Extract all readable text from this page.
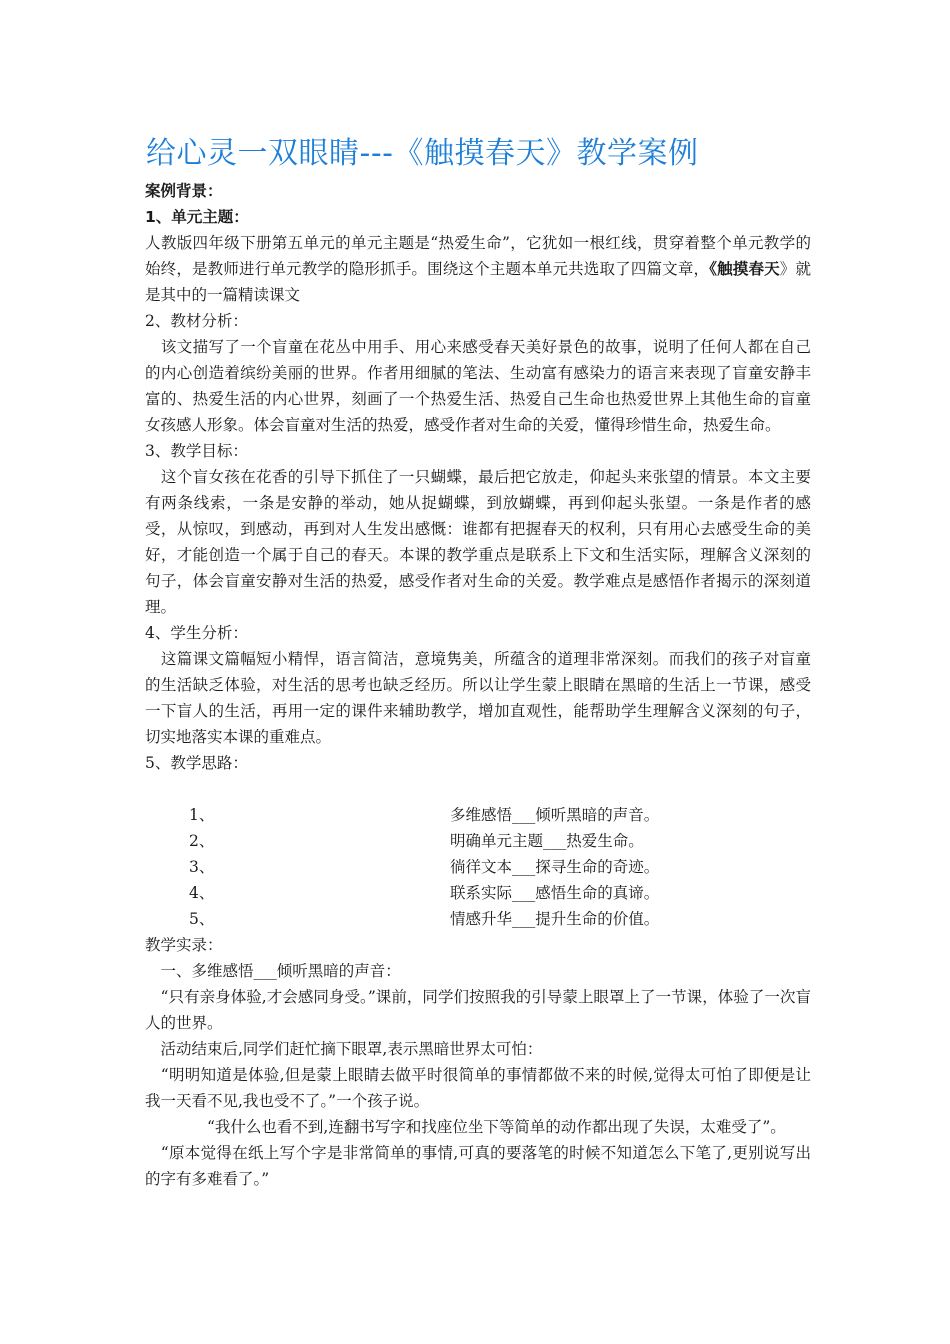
给心灵一双眼睛---《触摸春天》教学案例

案例背景：

1、单元主题：

人教版四年级下册第五单元的单元主题是“热爱生命”，它犹如一根红线，贯穿着整个单元教学的始终，是教师进行单元教学的隐形抓手。围绕这个主题本单元共选取了四篇文章，《触摸春天》就是其中的一篇精读课文

2、教材分析：

　该文描写了一个盲童在花丛中用手、用心来感受春天美好景色的故事，说明了任何人都在自己的内心创造着缤纷美丽的世界。作者用细腻的笔法、生动富有感染力的语言来表现了盲童安静丰富的、热爱生活的内心世界，刻画了一个热爱生活、热爱自己生命也热爱世界上其他生命的盲童女孩感人形象。体会盲童对生活的热爱，感受作者对生命的关爱，懂得珍惜生命，热爱生命。

3、教学目标：

　这个盲女孩在花香的引导下抓住了一只蝴蝶，最后把它放走，仰起头来张望的情景。本文主要有两条线索，一条是安静的举动，她从捉蝴蝶，到放蝴蝶，再到仰起头张望。一条是作者的感受，从惊叹，到感动，再到对人生发出感慨：谁都有把握春天的权利，只有用心去感受生命的美好，才能创造一个属于自己的春天。本课的教学重点是联系上下文和生活实际，理解含义深刻的句子，体会盲童安静对生活的热爱，感受作者对生命的关爱。教学难点是感悟作者揭示的深刻道理。

4、学生分析：

　这篇课文篇幅短小精悍，语言简洁，意境隽美，所蕴含的道理非常深刻。而我们的孩子对盲童的生活缺乏体验，对生活的思考也缺乏经历。所以让学生蒙上眼睛在黑暗的生活上一节课，感受一下盲人的生活，再用一定的课件来辅助教学，增加直观性，能帮助学生理解含义深刻的句子，切实地落实本课的重难点。

5、教学思路：

1、	多维感悟___倾听黑暗的声音。
2、	明确单元主题___热爱生命。
3、	徜徉文本___探寻生命的奇迹。
4、	联系实际___感悟生命的真谛。
5、	情感升华___提升生命的价值。

教学实录：

　一、多维感悟___倾听黑暗的声音：

　“只有亲身体验,才会感同身受。”课前，同学们按照我的引导蒙上眼罩上了一节课，体验了一次盲人的世界。

　活动结束后,同学们赶忙摘下眼罩,表示黑暗世界太可怕：

　“明明知道是体验,但是蒙上眼睛去做平时很简单的事情都做不来的时候,觉得太可怕了即便是让我一天看不见,我也受不了。”一个孩子说。

　　　　“我什么也看不到,连翻书写字和找座位坐下等简单的动作都出现了失误，太难受了”。

　“原本觉得在纸上写个字是非常简单的事情,可真的要落笔的时候不知道怎么下笔了,更别说写出的字有多难看了。”
